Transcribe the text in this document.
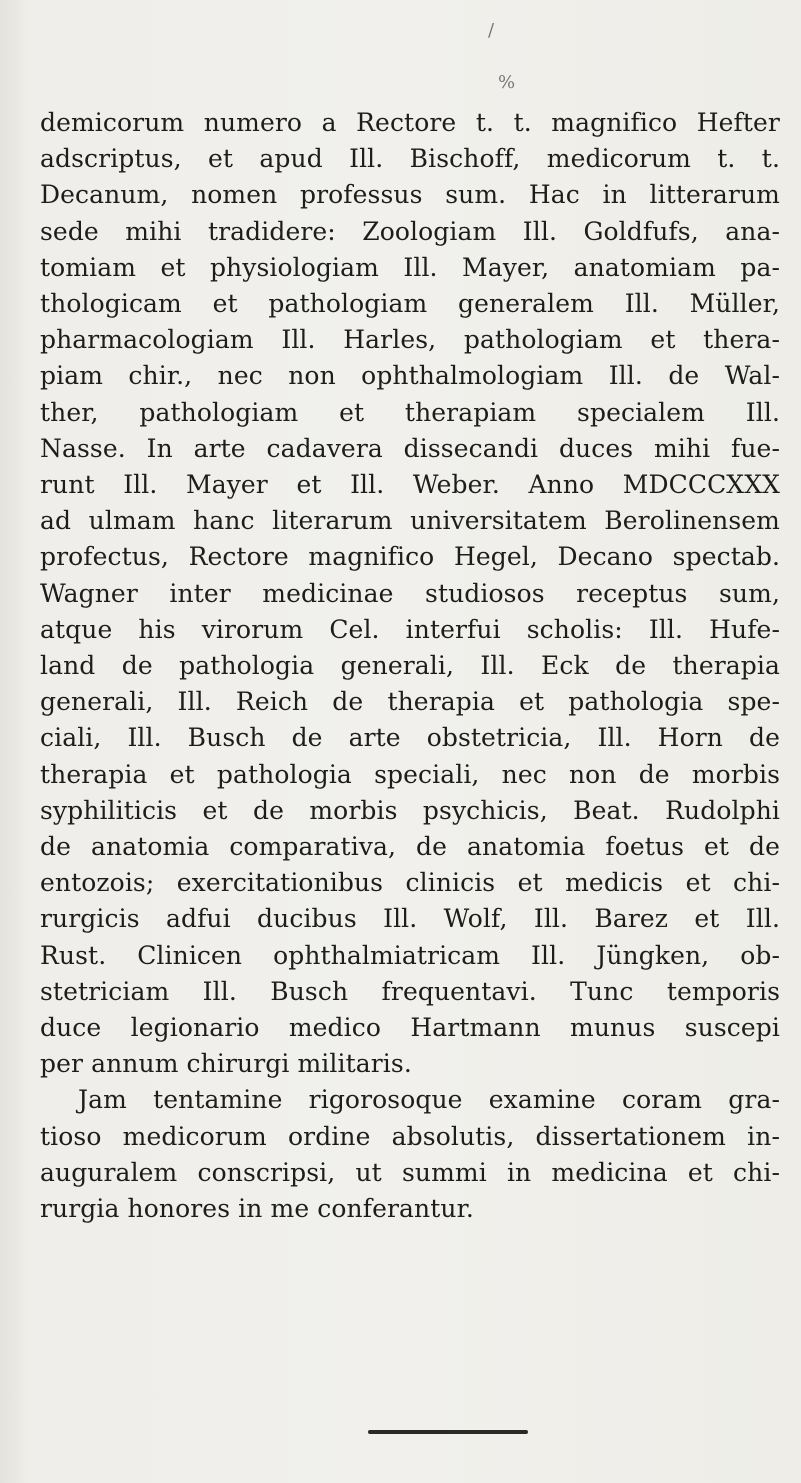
/
%
demicorum numero a Rectore t. t. magnifico Hefter
adscriptus, et apud Ill. Bischoff, medicorum t. t.
Decanum, nomen professus sum. Hac in litterarum
sede mihi tradidere: Zoologiam Ill. Goldfufs, ana-
tomiam et physiologiam Ill. Mayer, anatomiam pa-
thologicam et pathologiam generalem Ill. Müller,
pharmacologiam Ill. Harles, pathologiam et thera-
piam chir., nec non ophthalmologiam Ill. de Wal-
ther, pathologiam et therapiam specialem Ill.
Nasse. In arte cadavera dissecandi duces mihi fue-
runt Ill. Mayer et Ill. Weber. Anno MDCCCXXX
ad ulmam hanc literarum universitatem Berolinensem
profectus, Rectore magnifico Hegel, Decano spectab.
Wagner inter medicinae studiosos receptus sum,
atque his virorum Cel. interfui scholis: Ill. Hufe-
land de pathologia generali, Ill. Eck de therapia
generali, Ill. Reich de therapia et pathologia spe-
ciali, Ill. Busch de arte obstetricia, Ill. Horn de
therapia et pathologia speciali, nec non de morbis
syphiliticis et de morbis psychicis, Beat. Rudolphi
de anatomia comparativa, de anatomia foetus et de
entozois; exercitationibus clinicis et medicis et chi-
rurgicis adfui ducibus Ill. Wolf, Ill. Barez et Ill.
Rust. Clinicen ophthalmiatricam Ill. Jüngken, ob-
stetriciam Ill. Busch frequentavi. Tunc temporis
duce legionario medico Hartmann munus suscepi
per annum chirurgi militaris.
Jam tentamine rigorosoque examine coram gra-
tioso medicorum ordine absolutis, dissertationem in-
auguralem conscripsi, ut summi in medicina et chi-
rurgia honores in me conferantur.
